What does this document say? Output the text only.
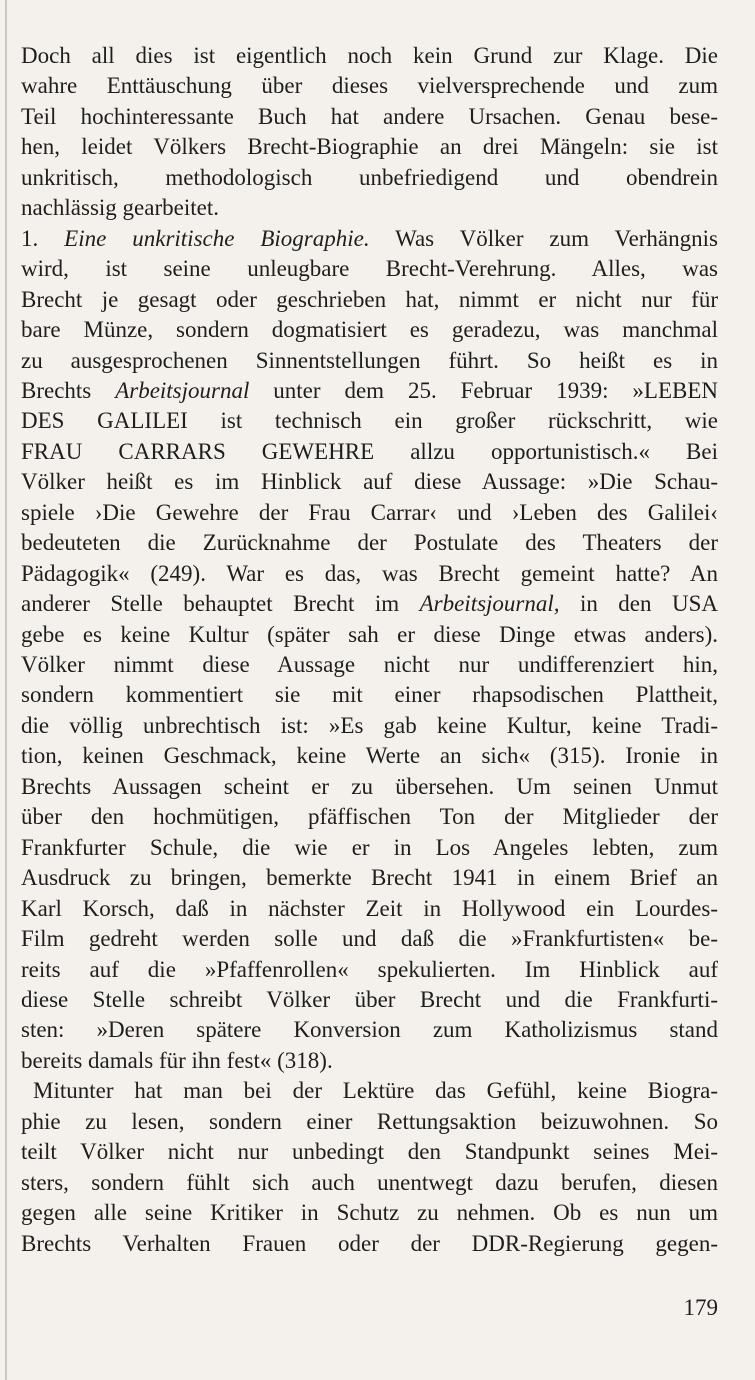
Doch all dies ist eigentlich noch kein Grund zur Klage. Die
wahre Enttäuschung über dieses vielversprechende und zum
Teil hochinteressante Buch hat andere Ursachen. Genau bese-
hen, leidet Völkers Brecht-Biographie an drei Mängeln: sie ist
unkritisch, methodologisch unbefriedigend und obendrein
nachlässig gearbeitet.
1. Eine unkritische Biographie. Was Völker zum Verhängnis
wird, ist seine unleugbare Brecht-Verehrung. Alles, was
Brecht je gesagt oder geschrieben hat, nimmt er nicht nur für
bare Münze, sondern dogmatisiert es geradezu, was manchmal
zu ausgesprochenen Sinnentstellungen führt. So heißt es in
Brechts Arbeitsjournal unter dem 25. Februar 1939: »LEBEN
DES GALILEI ist technisch ein großer rückschritt, wie
FRAU CARRARS GEWEHRE allzu opportunistisch.« Bei
Völker heißt es im Hinblick auf diese Aussage: »Die Schau-
spiele ›Die Gewehre der Frau Carrar‹ und ›Leben des Galilei‹
bedeuteten die Zurücknahme der Postulate des Theaters der
Pädagogik« (249). War es das, was Brecht gemeint hatte? An
anderer Stelle behauptet Brecht im Arbeitsjournal, in den USA
gebe es keine Kultur (später sah er diese Dinge etwas anders).
Völker nimmt diese Aussage nicht nur undifferenziert hin,
sondern kommentiert sie mit einer rhapsodischen Plattheit,
die völlig unbrechtisch ist: »Es gab keine Kultur, keine Tradi-
tion, keinen Geschmack, keine Werte an sich« (315). Ironie in
Brechts Aussagen scheint er zu übersehen. Um seinen Unmut
über den hochmütigen, pfäffischen Ton der Mitglieder der
Frankfurter Schule, die wie er in Los Angeles lebten, zum
Ausdruck zu bringen, bemerkte Brecht 1941 in einem Brief an
Karl Korsch, daß in nächster Zeit in Hollywood ein Lourdes-
Film gedreht werden solle und daß die »Frankfurtisten« be-
reits auf die »Pfaffenrollen« spekulierten. Im Hinblick auf
diese Stelle schreibt Völker über Brecht und die Frankfurti-
sten: »Deren spätere Konversion zum Katholizismus stand
bereits damals für ihn fest« (318).
Mitunter hat man bei der Lektüre das Gefühl, keine Biogra-
phie zu lesen, sondern einer Rettungsaktion beizuwohnen. So
teilt Völker nicht nur unbedingt den Standpunkt seines Mei-
sters, sondern fühlt sich auch unentwegt dazu berufen, diesen
gegen alle seine Kritiker in Schutz zu nehmen. Ob es nun um
Brechts Verhalten Frauen oder der DDR-Regierung gegen-
179
